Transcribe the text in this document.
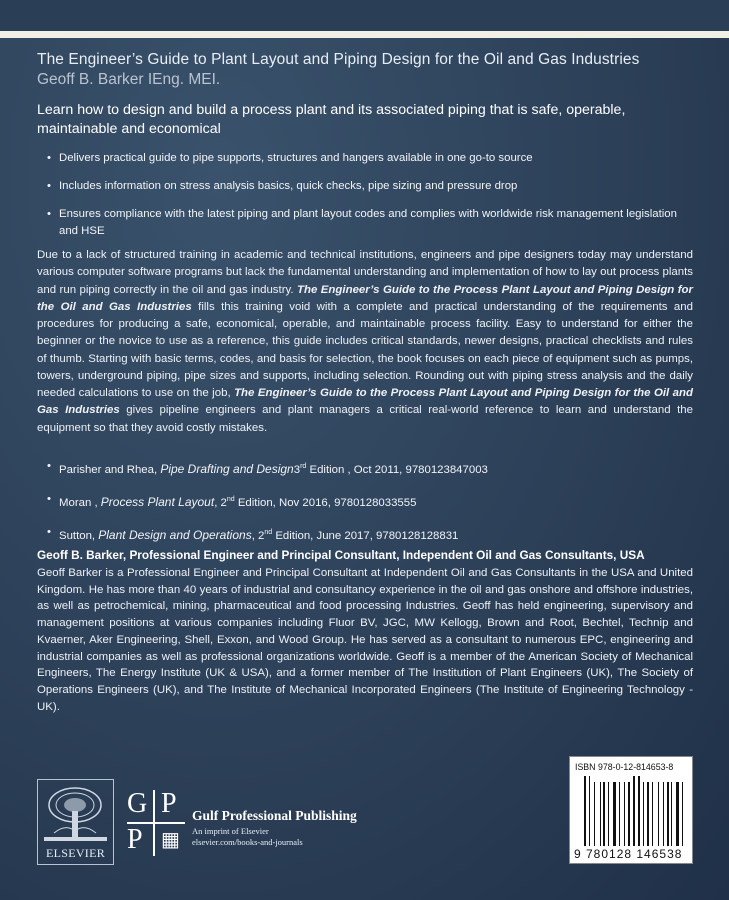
The Engineer’s Guide to Plant Layout and Piping Design for the Oil and Gas Industries
Geoff B. Barker IEng. MEI.
Learn how to design and build a process plant and its associated piping that is safe, operable, maintainable and economical
• Delivers practical guide to pipe supports, structures and hangers available in one go-to source
• Includes information on stress analysis basics, quick checks, pipe sizing and pressure drop
• Ensures compliance with the latest piping and plant layout codes and complies with worldwide risk management legislation and HSE
Due to a lack of structured training in academic and technical institutions, engineers and pipe designers today may understand various computer software programs but lack the fundamental understanding and implementation of how to lay out process plants and run piping correctly in the oil and gas industry. The Engineer’s Guide to the Process Plant Layout and Piping Design for the Oil and Gas Industries fills this training void with a complete and practical understanding of the requirements and procedures for producing a safe, economical, operable, and maintainable process facility. Easy to understand for either the beginner or the novice to use as a reference, this guide includes critical standards, newer designs, practical checklists and rules of thumb. Starting with basic terms, codes, and basis for selection, the book focuses on each piece of equipment such as pumps, towers, underground piping, pipe sizes and supports, including selection. Rounding out with piping stress analysis and the daily needed calculations to use on the job, The Engineer’s Guide to the Process Plant Layout and Piping Design for the Oil and Gas Industries gives pipeline engineers and plant managers a critical real-world reference to learn and understand the equipment so that they avoid costly mistakes.
• Parisher and Rhea, Pipe Drafting and Design3rd Edition , Oct 2011, 9780123847003
• Moran , Process Plant Layout, 2nd Edition, Nov 2016, 9780128033555
• Sutton, Plant Design and Operations, 2nd Edition, June 2017, 9780128128831
Geoff B. Barker, Professional Engineer and Principal Consultant, Independent Oil and Gas Consultants, USA
Geoff Barker is a Professional Engineer and Principal Consultant at Independent Oil and Gas Consultants in the USA and United Kingdom. He has more than 40 years of industrial and consultancy experience in the oil and gas onshore and offshore industries, as well as petrochemical, mining, pharmaceutical and food processing Industries. Geoff has held engineering, supervisory and management positions at various companies including Fluor BV, JGC, MW Kellogg, Brown and Root, Bechtel, Technip and Kvaerner, Aker Engineering, Shell, Exxon, and Wood Group. He has served as a consultant to numerous EPC, engineering and industrial companies as well as professional organizations worldwide. Geoff is a member of the American Society of Mechanical Engineers, The Energy Institute (UK & USA), and a former member of The Institution of Plant Engineers (UK), The Society of Operations Engineers (UK), and The Institute of Mechanical Incorporated Engineers (The Institute of Engineering Technology - UK).
ELSEVIER
G P
P ▦
Gulf Professional Publishing
An imprint of Elsevier
elsevier.com/books-and-journals
ISBN 978-0-12-814653-8
9 780128 146538
